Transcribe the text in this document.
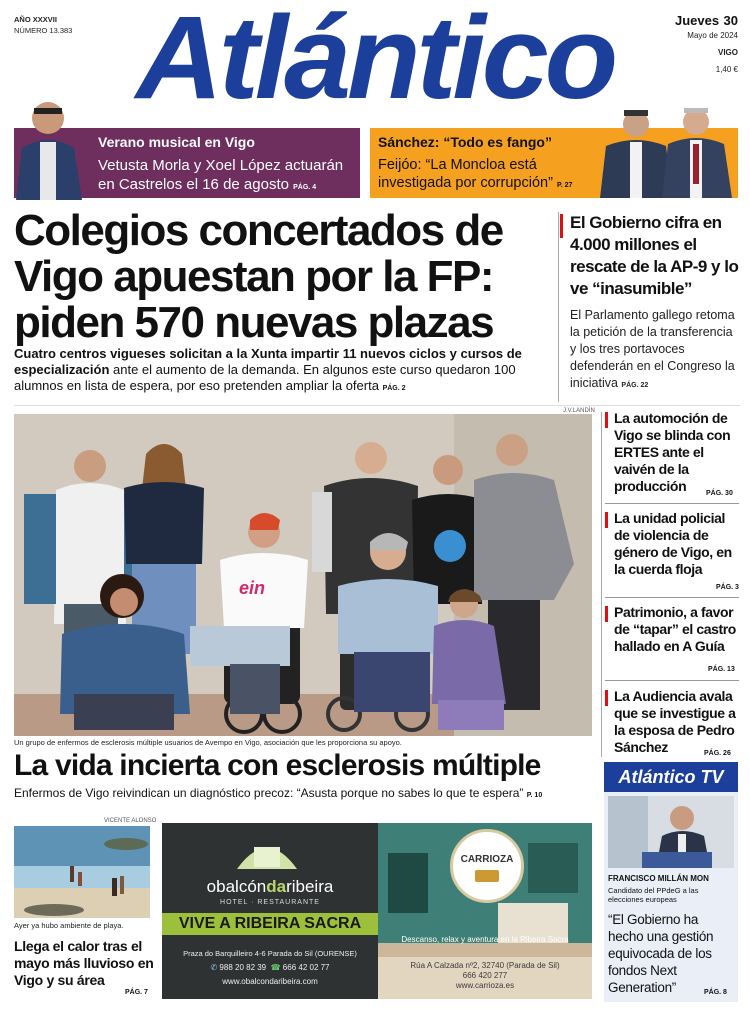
AÑO XXXVII
NÚMERO 13.383 Atlántico	Jueves 30
Mayo de 2024
VIGO
1,40 €
Verano musical en Vigo
Vetusta Morla y Xoel López actuarán en Castrelos el 16 de agosto PÁG. 4
Sánchez: “Todo es fango”
Feijóo: “La Moncloa está investigada por corrupción” P. 27
Colegios concertados de Vigo apuestan por la FP: piden 570 nuevas plazas
Cuatro centros vigueses solicitan a la Xunta impartir 11 nuevos ciclos y cursos de especialización ante el aumento de la demanda. En algunos este curso quedaron 100 alumnos en lista de espera, por eso pretenden ampliar la oferta PÁG. 2
El Gobierno cifra en 4.000 millones el rescate de la AP-9 y lo ve “inasumible”
El Parlamento gallego retoma la petición de la transferencia y los tres portavoces defenderán en el Congreso la iniciativa PÁG. 22
J.V.LANDÍN
ein
Un grupo de enfermos de esclerosis múltiple usuarios de Avempo en Vigo, asociación que les proporciona su apoyo.
La vida incierta con esclerosis múltiple
Enfermos de Vigo reivindican un diagnóstico precoz: “Asusta porque no sabes lo que te espera” P. 10
La automoción de Vigo se blinda con ERTES ante el vaivén de la producción	PÁG. 30
La unidad policial de violencia de género de Vigo, en la cuerda floja
PÁG. 3
Patrimonio, a favor de “tapar” el castro hallado en A Guía
PÁG. 13
La Audiencia avala que se investigue a la esposa de Pedro Sánchez	PÁG. 26
VICENTE ALONSO
Ayer ya hubo ambiente de playa.
Llega el calor tras el mayo más lluvioso en Vigo y su área
PÁG. 7
obalcóndaribeira
HOTEL · RESTAURANTE
VIVE A RIBEIRA SACRA
Praza do Barquilleiro 4-6 Parada do Sil (OURENSE)
✆ 988 20 82 39 ☎ 666 42 02 77
www.obalcondaribeira.com
CARRIOZA
Descanso, relax y aventura en la Ribeira Sacra
Rúa A Calzada nº2, 32740 (Parada de Sil)
666 420 277
www.carrioza.es
Atlántico TV
FRANCISCO MILLÁN MON
Candidato del PPdeG a las elecciones europeas
“El Gobierno ha hecho una gestión equivocada de los fondos Next Generation”	PÁG. 8
